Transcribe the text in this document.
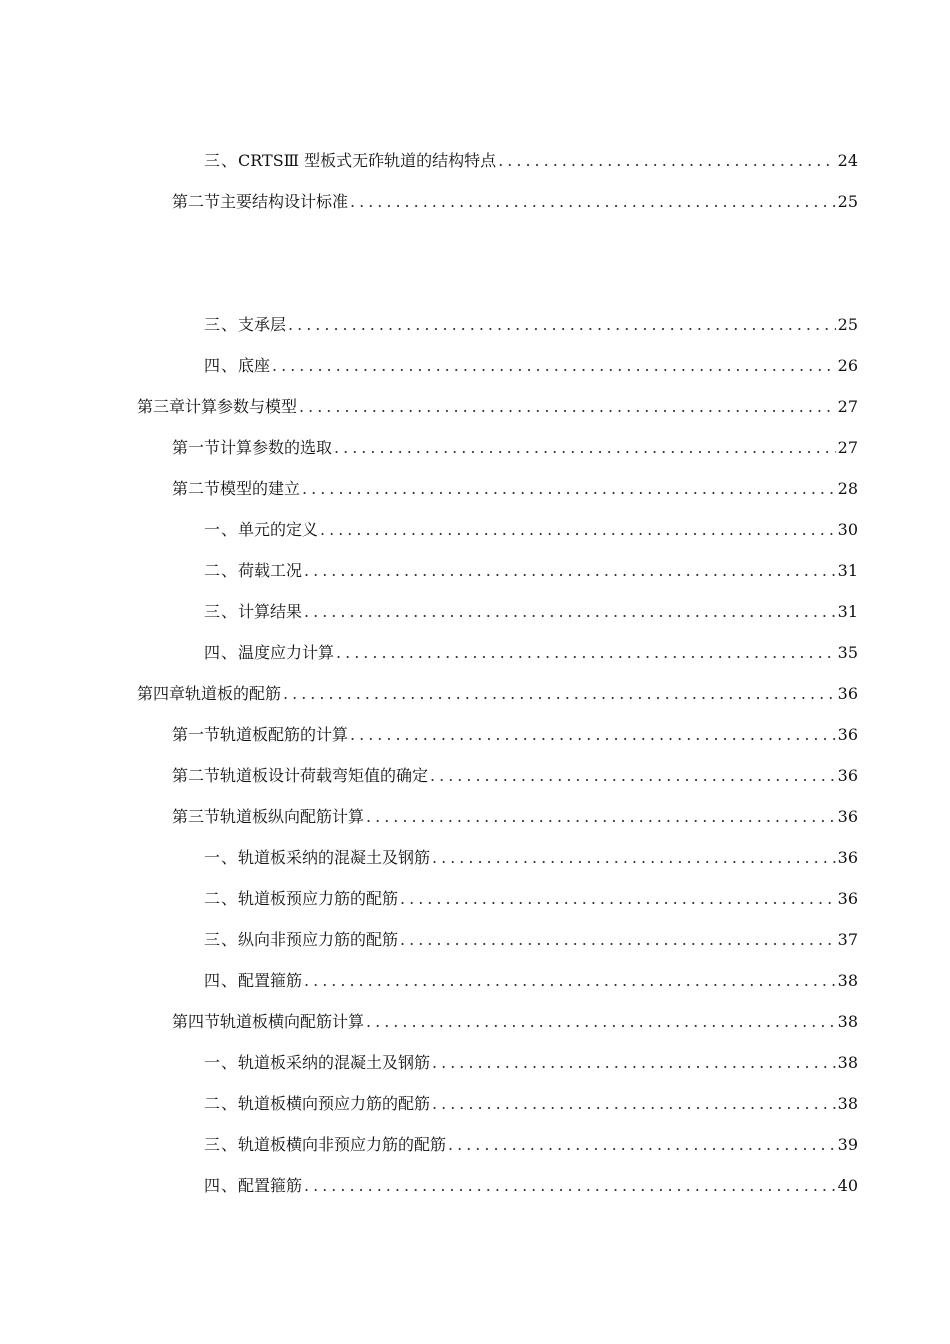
三、 CRTSⅢ 型板式无砟轨道的结构特点 .....	24
第二节 主要结构设计标准 .....	25
三、 支承层 .....	25
四、 底座 .....	26
第三章 计算参数与模型 .....	27
第一节 计算参数的选取 .....	27
第二节 模型的建立 .....	28
一、 单元的定义 .....	30
二、 荷载工况 .....	31
三、 计算结果 .....	31
四、 温度应力计算 .....	35
第四章 轨道板的配筋 .....	36
第一节 轨道板配筋的计算 .....	36
第二节 轨道板设计荷载弯矩值的确定 .....	36
第三节 轨道板纵向配筋计算 .....	36
一、 轨道板采纳的混凝土及钢筋 .....	36
二、 轨道板预应力筋的配筋 .....	36
三、 纵向非预应力筋的配筋 .....	37
四、 配置箍筋 .....	38
第四节 轨道板横向配筋计算 .....	38
一、 轨道板采纳的混凝土及钢筋 .....	38
二、 轨道板横向预应力筋的配筋 .....	38
三、 轨道板横向非预应力筋的配筋 .....	39
四、 配置箍筋 .....	40
